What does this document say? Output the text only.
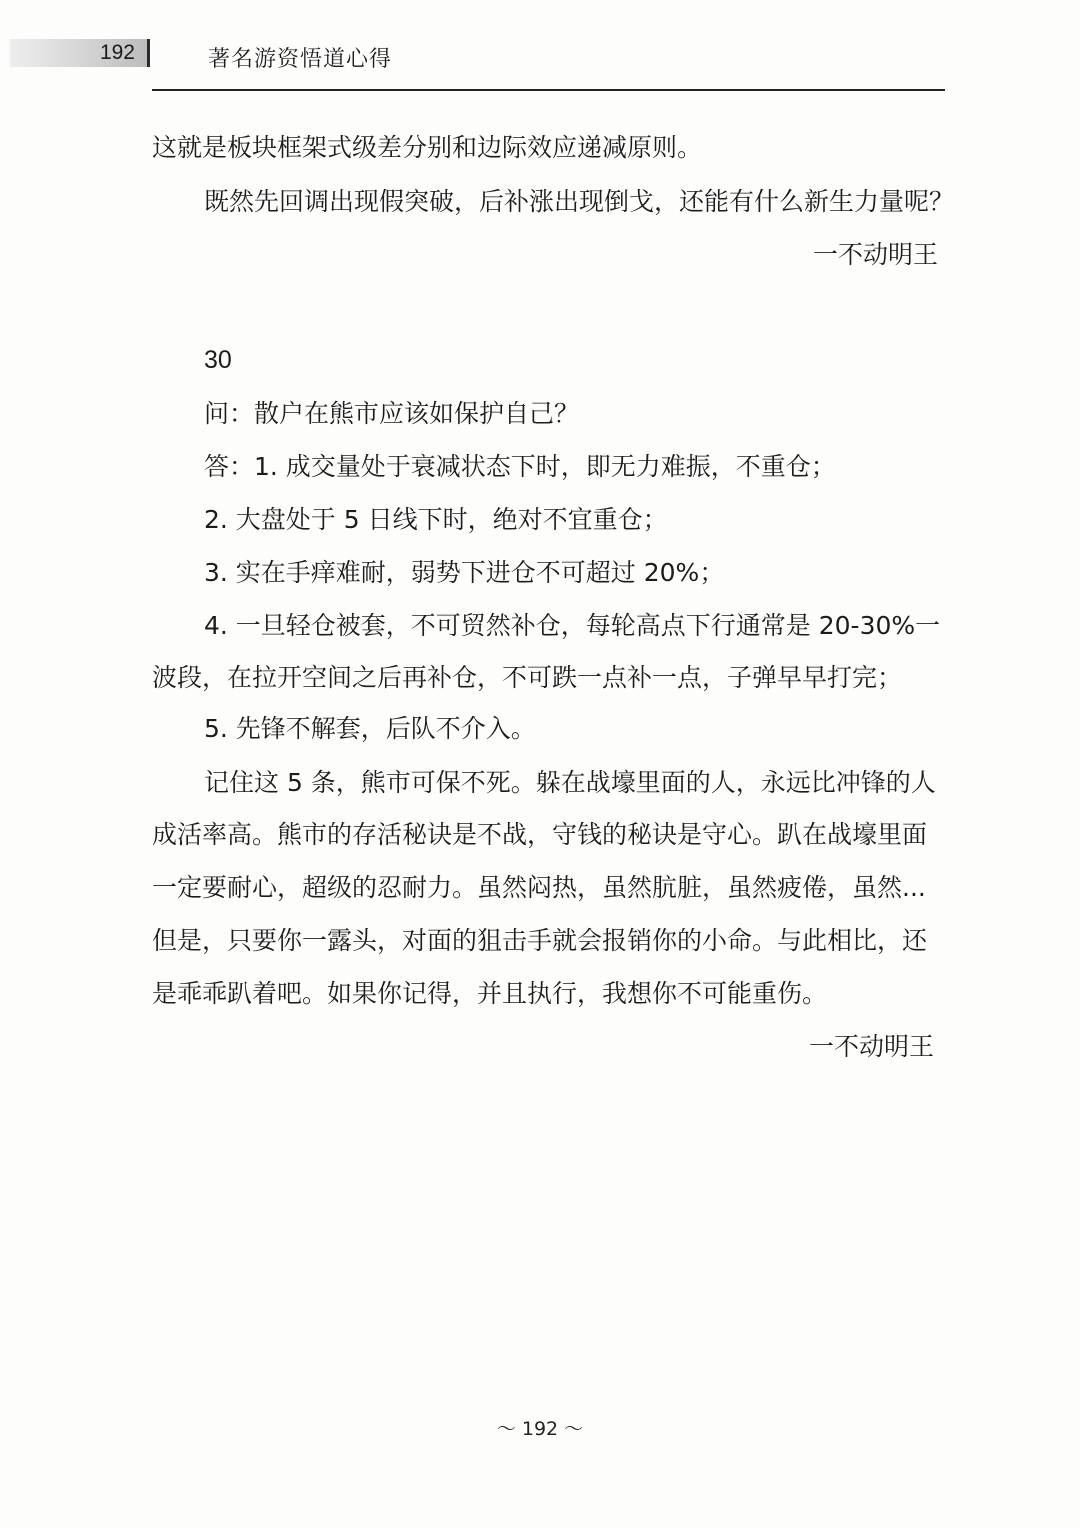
192	著名游资悟道心得
这就是板块框架式级差分别和边际效应递减原则。
既然先回调出现假突破，后补涨出现倒戈，还能有什么新生力量呢？
一不动明王
30
问：散户在熊市应该如保护自己？
答：1. 成交量处于衰减状态下时，即无力难振，不重仓；
2. 大盘处于 5 日线下时，绝对不宜重仓；
3. 实在手痒难耐，弱势下进仓不可超过 20%；
4. 一旦轻仓被套，不可贸然补仓，每轮高点下行通常是 20-30%一
波段，在拉开空间之后再补仓，不可跌一点补一点，子弹早早打完；
5. 先锋不解套，后队不介入。
记住这 5 条，熊市可保不死。躲在战壕里面的人，永远比冲锋的人
成活率高。熊市的存活秘诀是不战，守钱的秘诀是守心。趴在战壕里面
一定要耐心，超级的忍耐力。虽然闷热，虽然肮脏，虽然疲倦，虽然...
但是，只要你一露头，对面的狙击手就会报销你的小命。与此相比，还
是乖乖趴着吧。如果你记得，并且执行，我想你不可能重伤。
一不动明王
～ 192 ～
